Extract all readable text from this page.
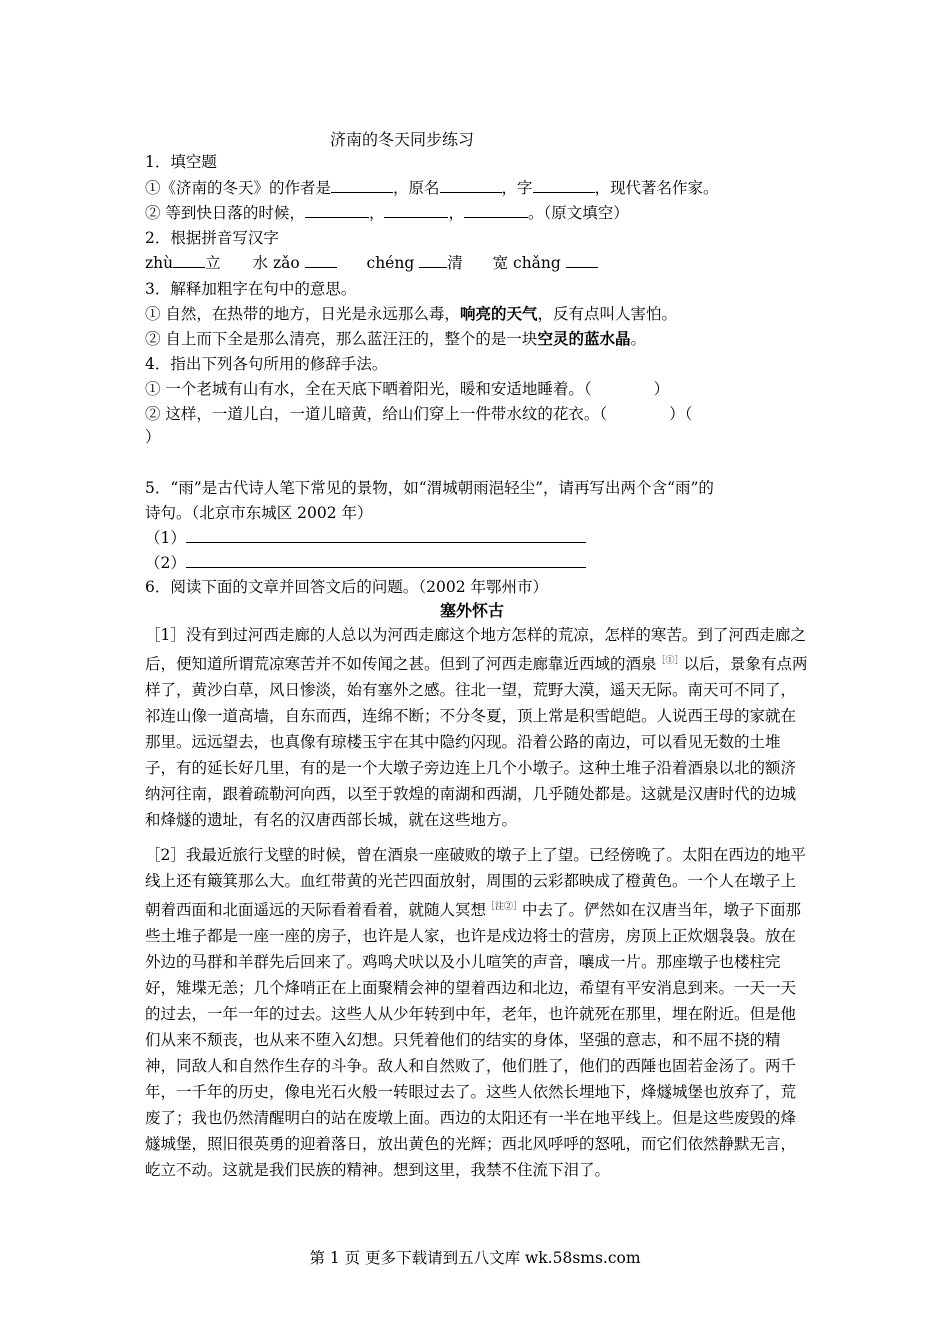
济南的冬天同步练习
1．填空题
①《济南的冬天》的作者是	，原名	，字	，现代著名作家。
② 等到快日落的时候，	，	，	。（原文填空）
2．根据拼音写汉字
zhù 立 水 zǎo	chéng 清 宽 chǎng
3．解释加粗字在句中的意思。
① 自然，在热带的地方，日光是永远那么毒，响亮的天气，反有点叫人害怕。
② 自上而下全是那么清亮，那么蓝汪汪的，整个的是一块空灵的蓝水晶。
4．指出下列各句所用的修辞手法。
① 一个老城有山有水，全在天底下晒着阳光，暖和安适地睡着。（　　　　）
② 这样，一道儿白，一道儿暗黄，给山们穿上一件带水纹的花衣。（　　　　）（
）
5．“雨”是古代诗人笔下常见的景物，如“渭城朝雨浥轻尘”，请再写出两个含“雨”的
诗句。（北京市东城区 2002 年）
（1）
（2）
6．阅读下面的文章并回答文后的问题。（2002 年鄂州市）
塞外怀古

［1］没有到过河西走廊的人总以为河西走廊这个地方怎样的荒凉，怎样的寒苦。到了河西走廊之后，便知道所谓荒凉寒苦并不如传闻之甚。但到了河西走廊靠近西域的酒泉［①］以后，景象有点两样了，黄沙白草，风日惨淡，始有塞外之感。往北一望，荒野大漠，遥天无际。南天可不同了，祁连山像一道高墙，自东而西，连绵不断；不分冬夏，顶上常是积雪皑皑。人说西王母的家就在那里。远远望去，也真像有琼楼玉宇在其中隐约闪现。沿着公路的南边，可以看见无数的土堆子，有的延长好几里，有的是一个大墩子旁边连上几个小墩子。这种土堆子沿着酒泉以北的额济纳河往南，跟着疏勒河向西，以至于敦煌的南湖和西湖，几乎随处都是。这就是汉唐时代的边城和烽燧的遗址，有名的汉唐西部长城，就在这些地方。

［2］我最近旅行戈壁的时候，曾在酒泉一座破败的墩子上了望。已经傍晚了。太阳在西边的地平线上还有簸箕那么大。血红带黄的光芒四面放射，周围的云彩都映成了橙黄色。一个人在墩子上朝着西面和北面遥远的天际看着看着，就随人冥想$^{[注②]}$中去了。俨然如在汉唐当年，墩子下面那些土堆子都是一座一座的房子，也许是人家，也许是戍边将士的营房，房顶上正炊烟袅袅。放在外边的马群和羊群先后回来了。鸡鸣犬吠以及小儿喧笑的声音，嚷成一片。那座墩子也楼柱完好，雉堞无恙；几个烽哨正在上面聚精会神的望着西边和北边，希望有平安消息到来。一天一天的过去，一年一年的过去。这些人从少年转到中年，老年，也许就死在那里，埋在附近。但是他们从来不颓丧，也从来不堕入幻想。只凭着他们的结实的身体，坚强的意志，和不屈不挠的精神，同敌人和自然作生存的斗争。敌人和自然败了，他们胜了，他们的西陲也固若金汤了。两千年，一千年的历史，像电光石火般一转眼过去了。这些人依然长埋地下，烽燧城堡也放弃了，荒废了；我也仍然清醒明白的站在废墩上面。西边的太阳还有一半在地平线上。但是这些废毁的烽燧城堡，照旧很英勇的迎着落日，放出黄色的光辉；西北风呼呼的怒吼，而它们依然静默无言，屹立不动。这就是我们民族的精神。想到这里，我禁不住流下泪了。

第 1 页 更多下载请到五八文库 wk.58sms.com
